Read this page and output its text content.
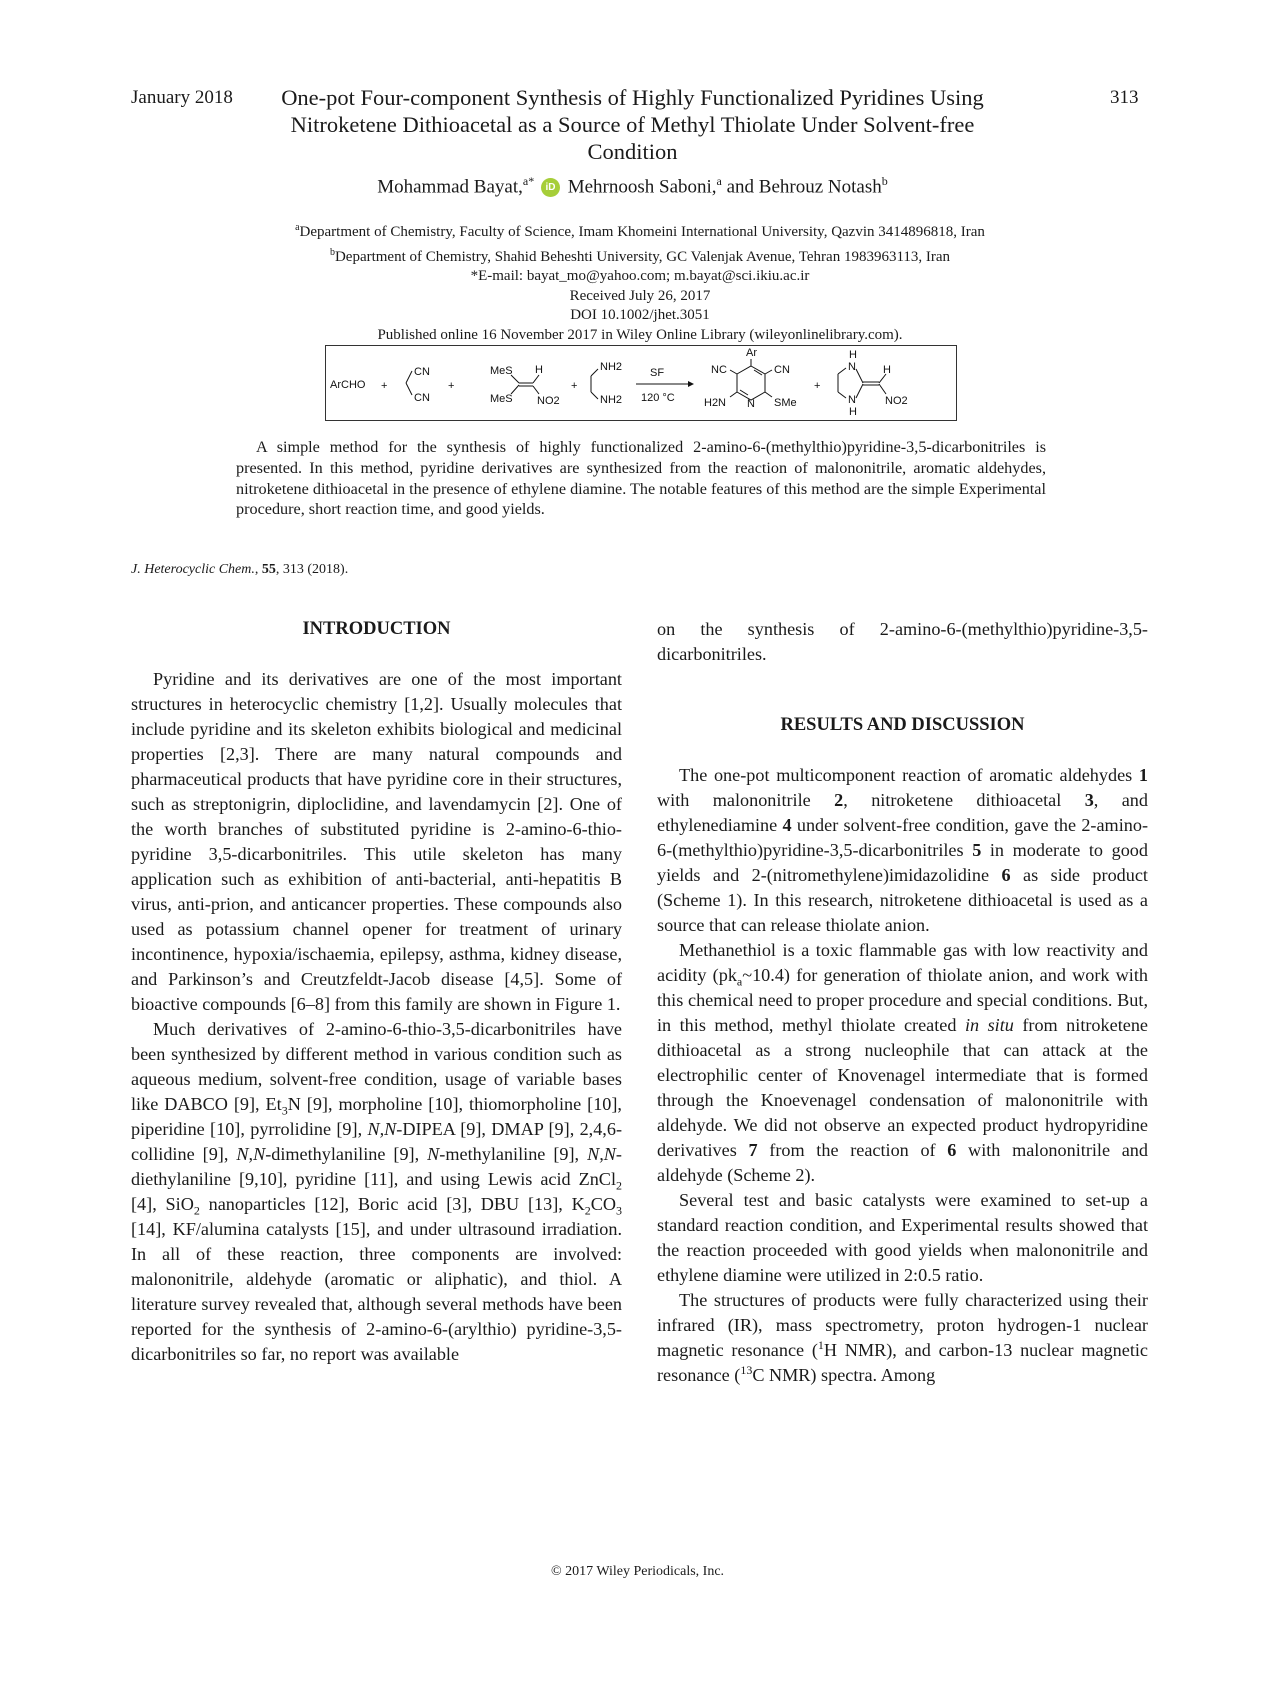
January 2018	313
One-pot Four-component Synthesis of Highly Functionalized Pyridines Using Nitroketene Dithioacetal as a Source of Methyl Thiolate Under Solvent-free Condition
Mohammad Bayat,$^{a*}$ iD Mehrnoosh Saboni,$^a$ and Behrouz Notash$^b$
$^a$Department of Chemistry, Faculty of Science, Imam Khomeini International University, Qazvin 3414896818, Iran
$^b$Department of Chemistry, Shahid Beheshti University, GC Valenjak Avenue, Tehran 1983963113, Iran
*E-mail: bayat_mo@yahoo.com; m.bayat@sci.ikiu.ac.ir
Received July 26, 2017
DOI 10.1002/jhet.3051
Published online 16 November 2017 in Wiley Online Library (wileyonlinelibrary.com).
ArCHO +
CN
CN
+
MeS
MeS
H
NO2
+
NH2
NH2
SF
120 °C
Ar
NC	CN
H2N N SMe
+
H
N
N
H
H
NO2
A simple method for the synthesis of highly functionalized 2-amino-6-(methylthio)pyridine-3,5-dicarbonitriles is presented. In this method, pyridine derivatives are synthesized from the reaction of malononitrile, aromatic aldehydes, nitroketene dithioacetal in the presence of ethylene diamine. The notable features of this method are the simple Experimental procedure, short reaction time, and good yields.
J. Heterocyclic Chem., 55, 313 (2018).
INTRODUCTION

Pyridine and its derivatives are one of the most important structures in heterocyclic chemistry [1,2]. Usually molecules that include pyridine and its skeleton exhibits biological and medicinal properties [2,3]. There are many natural compounds and pharmaceutical products that have pyridine core in their structures, such as streptonigrin, diploclidine, and lavendamycin [2]. One of the worth branches of substituted pyridine is 2-amino-6-thio-pyridine 3,5-dicarbonitriles. This utile skeleton has many application such as exhibition of anti-bacterial, anti-hepatitis B virus, anti-prion, and anticancer properties. These compounds also used as potassium channel opener for treatment of urinary incontinence, hypoxia/ischaemia, epilepsy, asthma, kidney disease, and Parkinson’s and Creutzfeldt-Jacob disease [4,5]. Some of bioactive compounds [6–8] from this family are shown in Figure 1.

Much derivatives of 2-amino-6-thio-3,5-dicarbonitriles have been synthesized by different method in various condition such as aqueous medium, solvent-free condition, usage of variable bases like DABCO [9], $Et_3N$ [9], morpholine [10], thiomorpholine [10], piperidine [10], pyrrolidine [9], N,N-DIPEA [9], DMAP [9], 2,4,6-collidine [9], N,N-dimethylaniline [9], N-methylaniline [9], N,N-diethylaniline [9,10], pyridine [11], and using Lewis acid ZnCl$_2$ [4], SiO$_2$ nanoparticles [12], Boric acid [3], DBU [13], $K_2CO_3$ [14], KF/alumina catalysts [15], and under ultrasound irradiation. In all of these reaction, three components are involved: malononitrile, aldehyde (aromatic or aliphatic), and thiol. A literature survey revealed that, although several methods have been reported for the synthesis of 2-amino-6-(arylthio) pyridine-3,5-dicarbonitriles so far, no report was available

on the synthesis of 2-amino-6-(methylthio)pyridine-3,5-dicarbonitriles.

RESULTS AND DISCUSSION

The one-pot multicomponent reaction of aromatic aldehydes 1 with malononitrile 2, nitroketene dithioacetal 3, and ethylenediamine 4 under solvent-free condition, gave the 2-amino-6-(methylthio)pyridine-3,5-dicarbonitriles 5 in moderate to good yields and 2-(nitromethylene)imidazolidine 6 as side product (Scheme 1). In this research, nitroketene dithioacetal is used as a source that can release thiolate anion.

Methanethiol is a toxic flammable gas with low reactivity and acidity $(pk_a\sim 10.4)$ for generation of thiolate anion, and work with this chemical need to proper procedure and special conditions. But, in this method, methyl thiolate created in situ from nitroketene dithioacetal as a strong nucleophile that can attack at the electrophilic center of Knovenagel intermediate that is formed through the Knoevenagel condensation of malononitrile with aldehyde. We did not observe an expected product hydropyridine derivatives 7 from the reaction of 6 with malononitrile and aldehyde (Scheme 2).

Several test and basic catalysts were examined to set-up a standard reaction condition, and Experimental results showed that the reaction proceeded with good yields when malononitrile and ethylene diamine were utilized in 2:0.5 ratio.

The structures of products were fully characterized using their infrared (IR), mass spectrometry, proton hydrogen-1 nuclear magnetic resonance ($^1$H NMR), and carbon-13 nuclear magnetic resonance ($^{13}$C NMR) spectra. Among

© 2017 Wiley Periodicals, Inc.
